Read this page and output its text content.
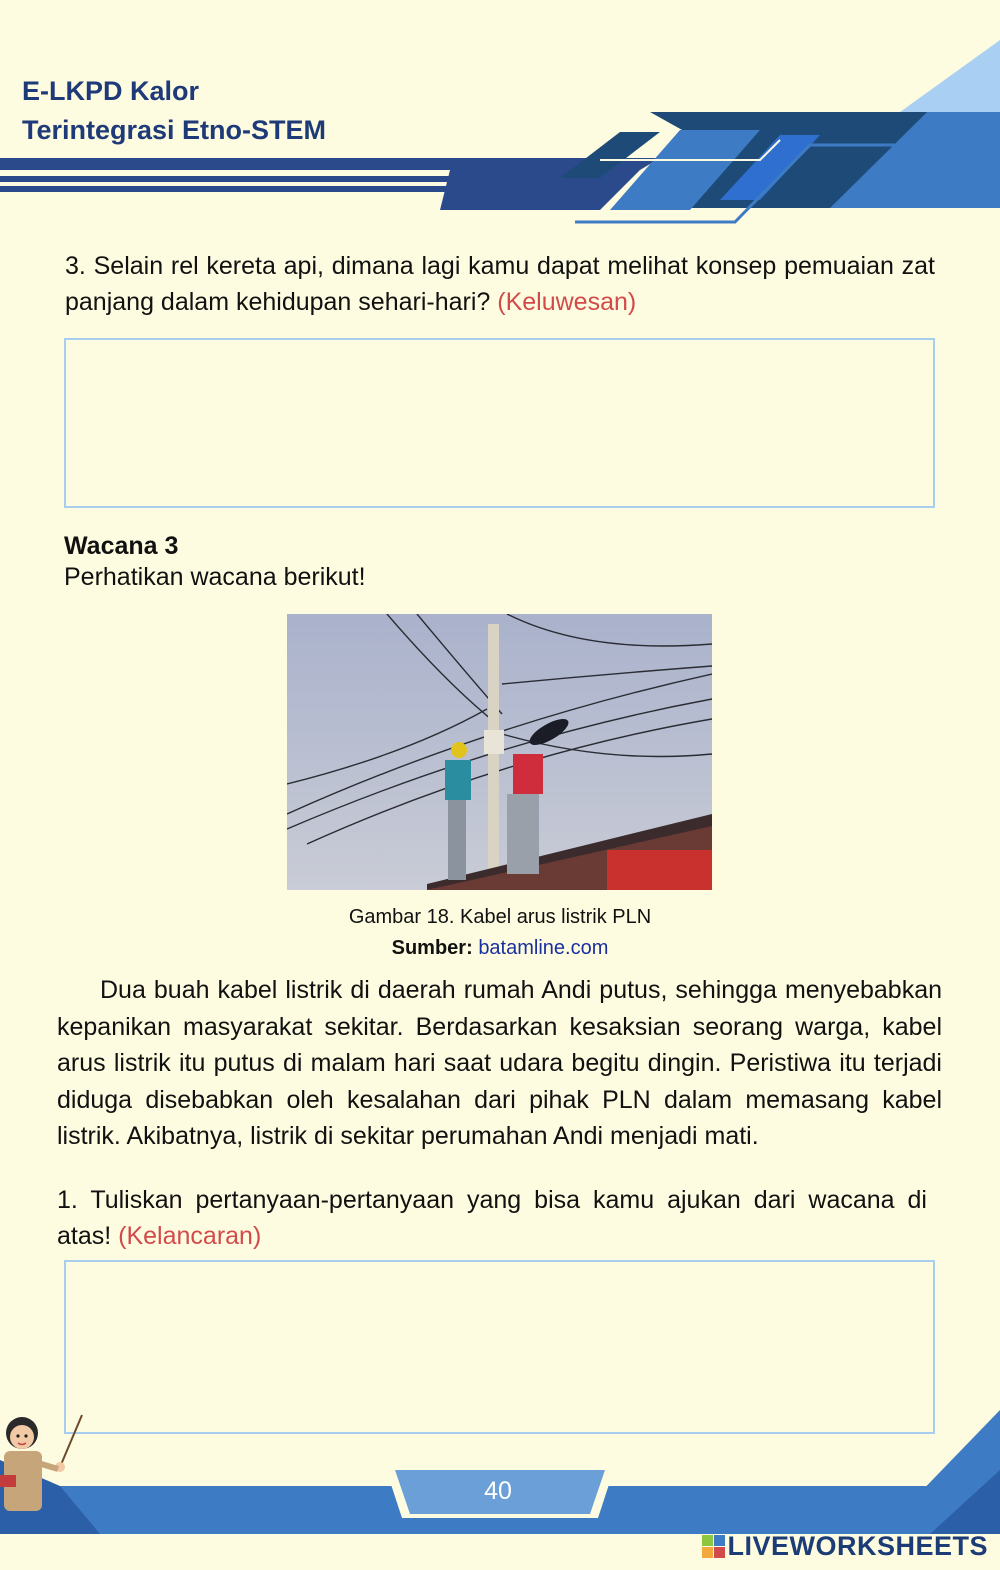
E-LKPD Kalor
Terintegrasi Etno-STEM
3. Selain rel kereta api, dimana lagi kamu dapat melihat konsep pemuaian zat panjang dalam kehidupan sehari-hari? (Keluwesan)
Wacana 3
Perhatikan wacana berikut!
Gambar 18. Kabel arus listrik PLN
Sumber: batamline.com
Dua buah kabel listrik di daerah rumah Andi putus, sehingga menyebabkan kepanikan masyarakat sekitar. Berdasarkan kesaksian seorang warga, kabel arus listrik itu putus di malam hari saat udara begitu dingin. Peristiwa itu terjadi diduga disebabkan oleh kesalahan dari pihak PLN dalam memasang kabel listrik. Akibatnya, listrik di sekitar perumahan Andi menjadi mati.
1. Tuliskan pertanyaan-pertanyaan yang bisa kamu ajukan dari wacana di atas! (Kelancaran)
40
LIVEWORKSHEETS
